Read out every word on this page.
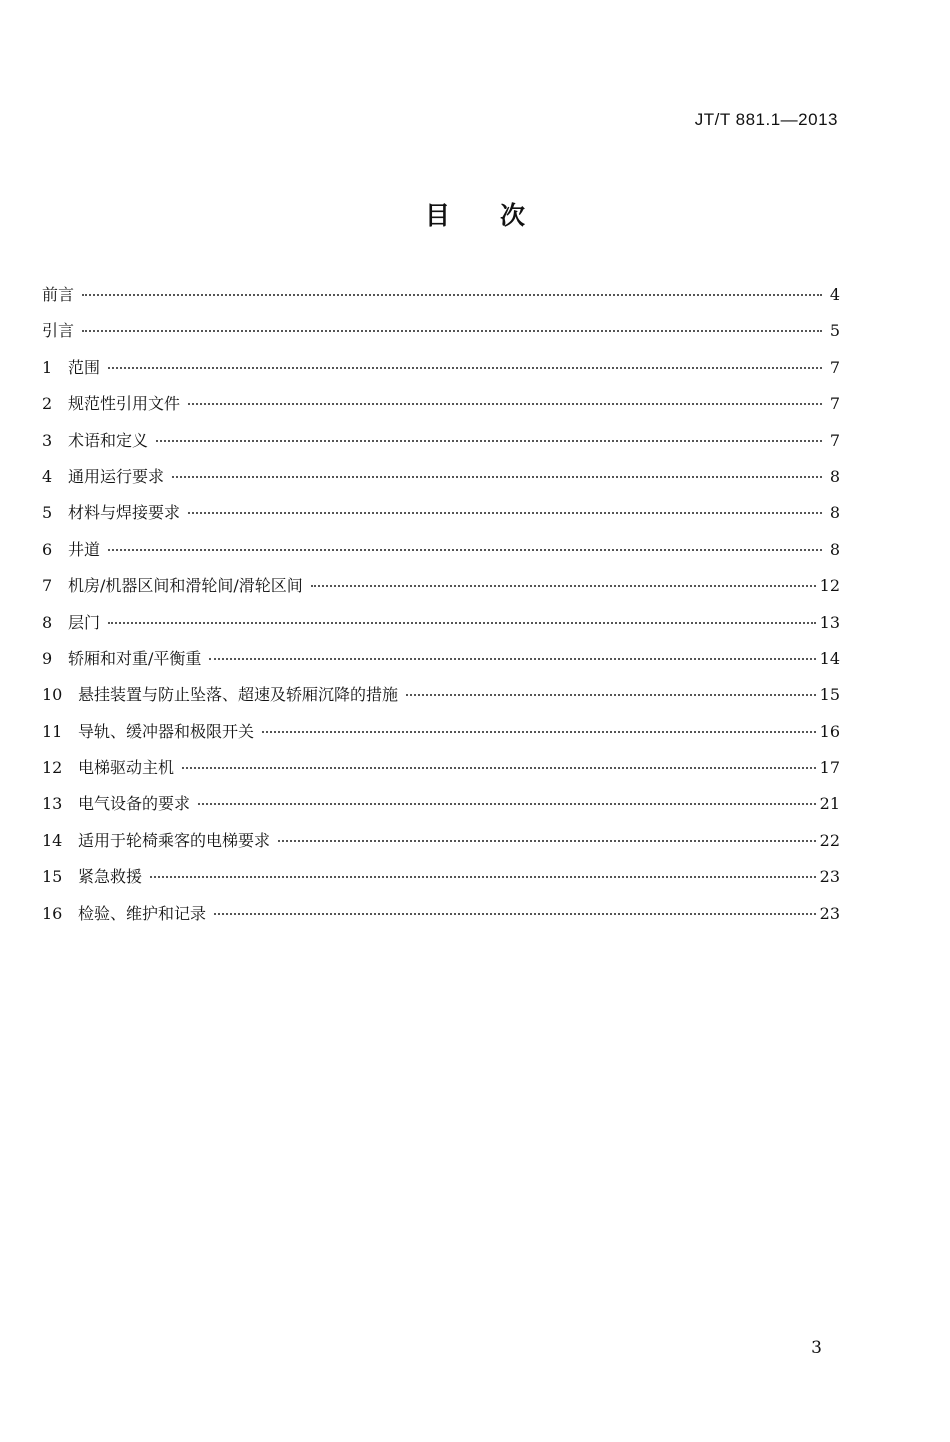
JT/T 881.1—2013
目次
前言	4
引言	5
1 范围	7
2 规范性引用文件	7
3 术语和定义	7
4 通用运行要求	8
5 材料与焊接要求	8
6 井道	8
7 机房/机器区间和滑轮间/滑轮区间	12
8 层门	13
9 轿厢和对重/平衡重	14
10 悬挂装置与防止坠落、超速及轿厢沉降的措施	15
11 导轨、缓冲器和极限开关	16
12 电梯驱动主机	17
13 电气设备的要求	21
14 适用于轮椅乘客的电梯要求	22
15 紧急救援	23
16 检验、维护和记录	23
3
